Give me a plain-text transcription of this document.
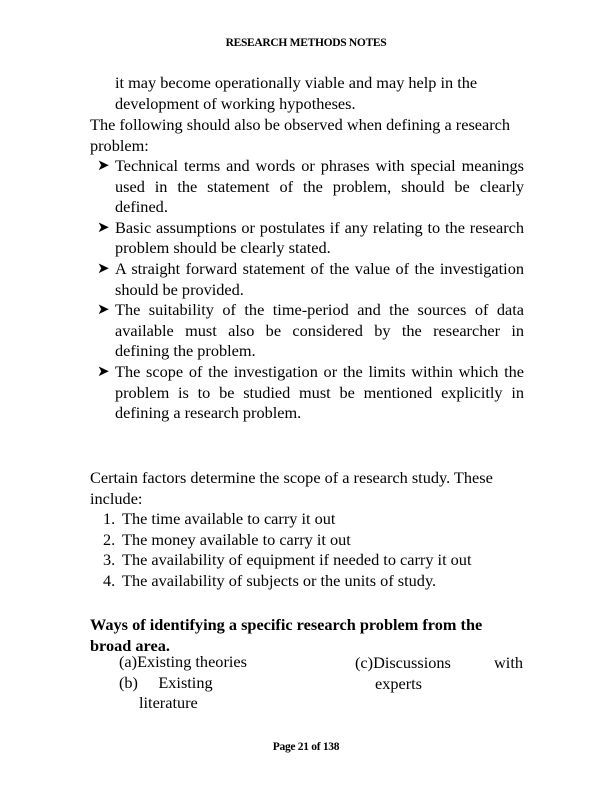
RESEARCH METHODS NOTES
it may become operationally viable and may help in the development of working hypotheses.
The following should also be observed when defining a research problem:
➤ Technical terms and words or phrases with special meanings used in the statement of the problem, should be clearly defined.
➤ Basic assumptions or postulates if any relating to the research problem should be clearly stated.
➤ A straight forward statement of the value of the investigation should be provided.
➤ The suitability of the time-period and the sources of data available must also be considered by the researcher in defining the problem.
➤ The scope of the investigation or the limits within which the problem is to be studied must be mentioned explicitly in defining a research problem.
Certain factors determine the scope of a research study. These include:
1. The time available to carry it out
2. The money available to carry it out
3. The availability of equipment if needed to carry it out
4. The availability of subjects or the units of study.
Ways of identifying a specific research problem from the broad area.
(a)Existing theories
(b)     Existing
literature
(c)Discussions	with
experts
Page 21 of 138
